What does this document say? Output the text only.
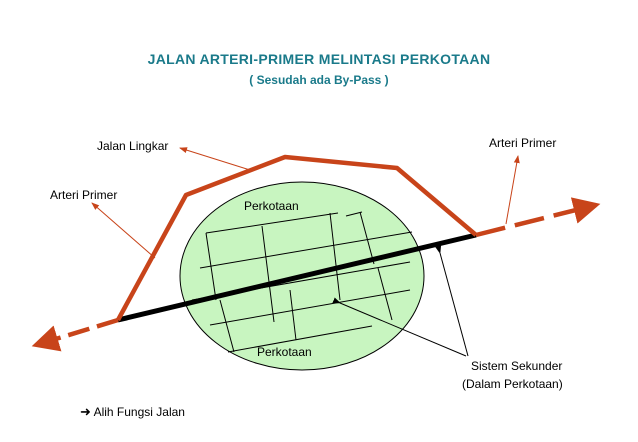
JALAN ARTERI-PRIMER MELINTASI PERKOTAAN
( Sesudah ada By-Pass )
Jalan Lingkar
Arteri Primer
Arteri Primer
Perkotaan
Perkotaan
Sistem Sekunder
(Dalam Perkotaan)
➜ Alih Fungsi Jalan
